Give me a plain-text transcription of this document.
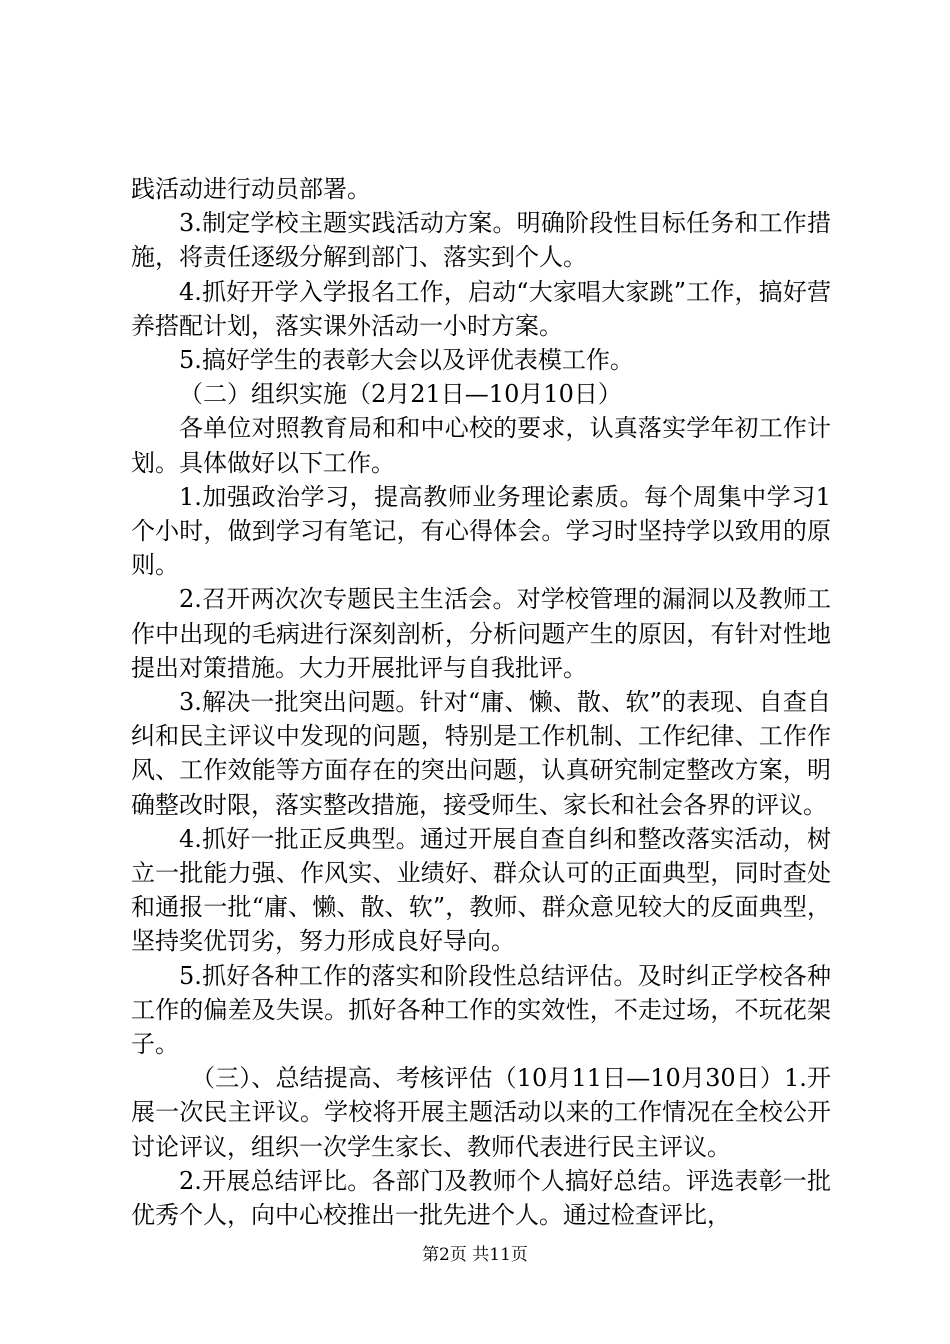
践活动进行动员部署。

3.制定学校主题实践活动方案。明确阶段性目标任务和工作措施，将责任逐级分解到部门、落实到个人。

4.抓好开学入学报名工作，启动“大家唱大家跳”工作，搞好营养搭配计划，落实课外活动一小时方案。

5.搞好学生的表彰大会以及评优表模工作。

（二）组织实施（2月21日—10月10日）

各单位对照教育局和和中心校的要求，认真落实学年初工作计划。具体做好以下工作。

1.加强政治学习，提高教师业务理论素质。每个周集中学习1个小时，做到学习有笔记，有心得体会。学习时坚持学以致用的原则。

2.召开两次次专题民主生活会。对学校管理的漏洞以及教师工作中出现的毛病进行深刻剖析，分析问题产生的原因，有针对性地提出对策措施。大力开展批评与自我批评。

3.解决一批突出问题。针对“庸、懒、散、软”的表现、自查自纠和民主评议中发现的问题，特别是工作机制、工作纪律、工作作风、工作效能等方面存在的突出问题，认真研究制定整改方案，明确整改时限，落实整改措施，接受师生、家长和社会各界的评议。

4.抓好一批正反典型。通过开展自查自纠和整改落实活动，树立一批能力强、作风实、业绩好、群众认可的正面典型，同时查处和通报一批“庸、懒、散、软”，教师、群众意见较大的反面典型，坚持奖优罚劣，努力形成良好导向。

5.抓好各种工作的落实和阶段性总结评估。及时纠正学校各种工作的偏差及失误。抓好各种工作的实效性，不走过场，不玩花架子。

（三）、总结提高、考核评估（10月11日—10月30日）1.开展一次民主评议。学校将开展主题活动以来的工作情况在全校公开讨论评议，组织一次学生家长、教师代表进行民主评议。

2.开展总结评比。各部门及教师个人搞好总结。评选表彰一批优秀个人，向中心校推出一批先进个人。通过检查评比，

第2页 共11页
